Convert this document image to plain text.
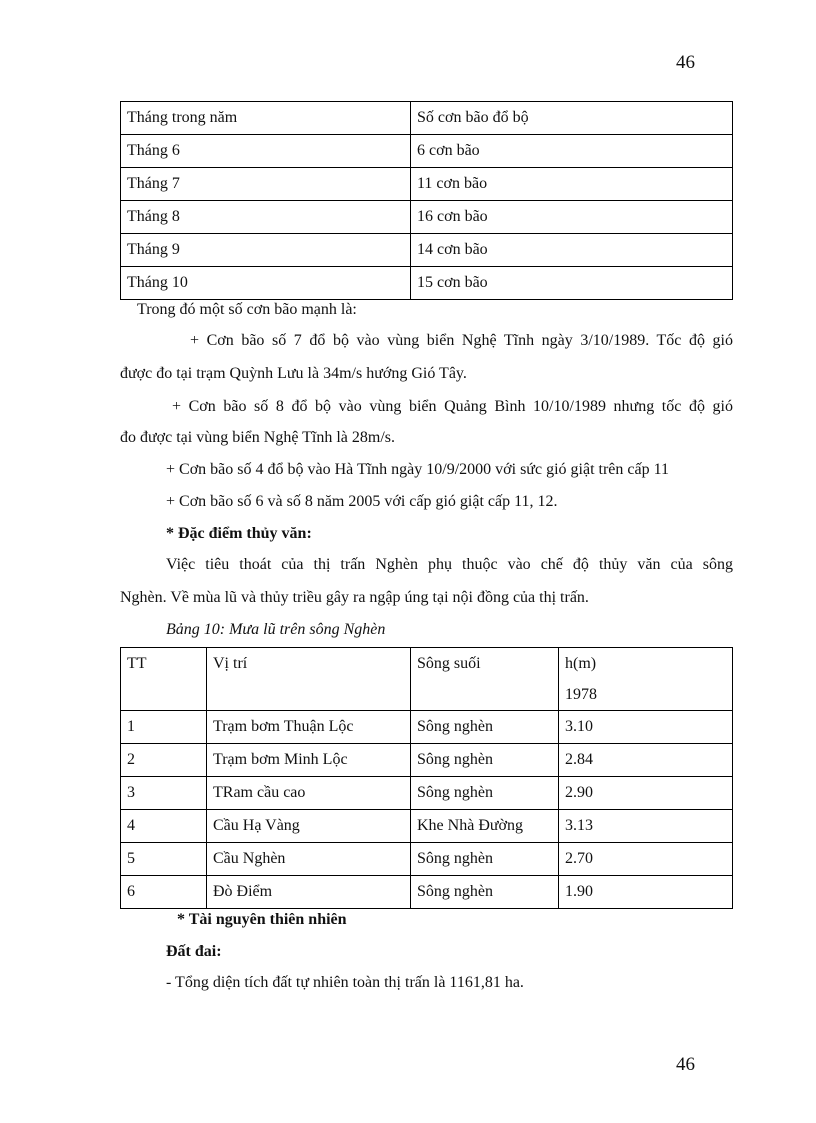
46
Tháng trong năm	Số cơn bão đổ bộ
Tháng 6	6 cơn bão
Tháng 7	11 cơn bão
Tháng 8	16 cơn bão
Tháng 9	14 cơn bão
Tháng 10	15 cơn bão
Trong đó một số cơn bão mạnh là:
+ Cơn bão số 7 đổ bộ vào vùng biển Nghệ Tĩnh ngày 3/10/1989. Tốc độ gió
được đo tại trạm Quỳnh Lưu là 34m/s hướng Gió Tây.
+ Cơn bão số 8 đổ bộ vào vùng biển Quảng Bình 10/10/1989 nhưng tốc độ gió
đo được tại vùng biển Nghệ Tĩnh là 28m/s.
+ Cơn bão số 4 đổ bộ vào Hà Tĩnh ngày 10/9/2000 với sức gió giật trên cấp 11
+ Cơn bão số 6 và số 8 năm 2005 với cấp gió giật cấp 11, 12.
* Đặc điểm thủy văn:
Việc tiêu thoát của thị trấn Nghèn phụ thuộc vào chế độ thủy văn của sông
Nghèn. Về mùa lũ và thủy triều gây ra ngập úng tại nội đồng của thị trấn.
Bảng 10: Mưa lũ trên sông Nghèn
TT	Vị trí	Sông suối	h(m)
1978

1	Trạm bơm Thuận Lộc	Sông nghèn	3.10
2	Trạm bơm Minh Lộc	Sông nghèn	2.84
3	TRam cầu cao	Sông nghèn	2.90
4	Cầu Hạ Vàng	Khe Nhà Đường	3.13
5	Cầu Nghèn	Sông nghèn	2.70
6	Đò Điểm	Sông nghèn	1.90
* Tài nguyên thiên nhiên
Đất đai:
- Tổng diện tích đất tự nhiên toàn thị trấn là 1161,81 ha.
46
